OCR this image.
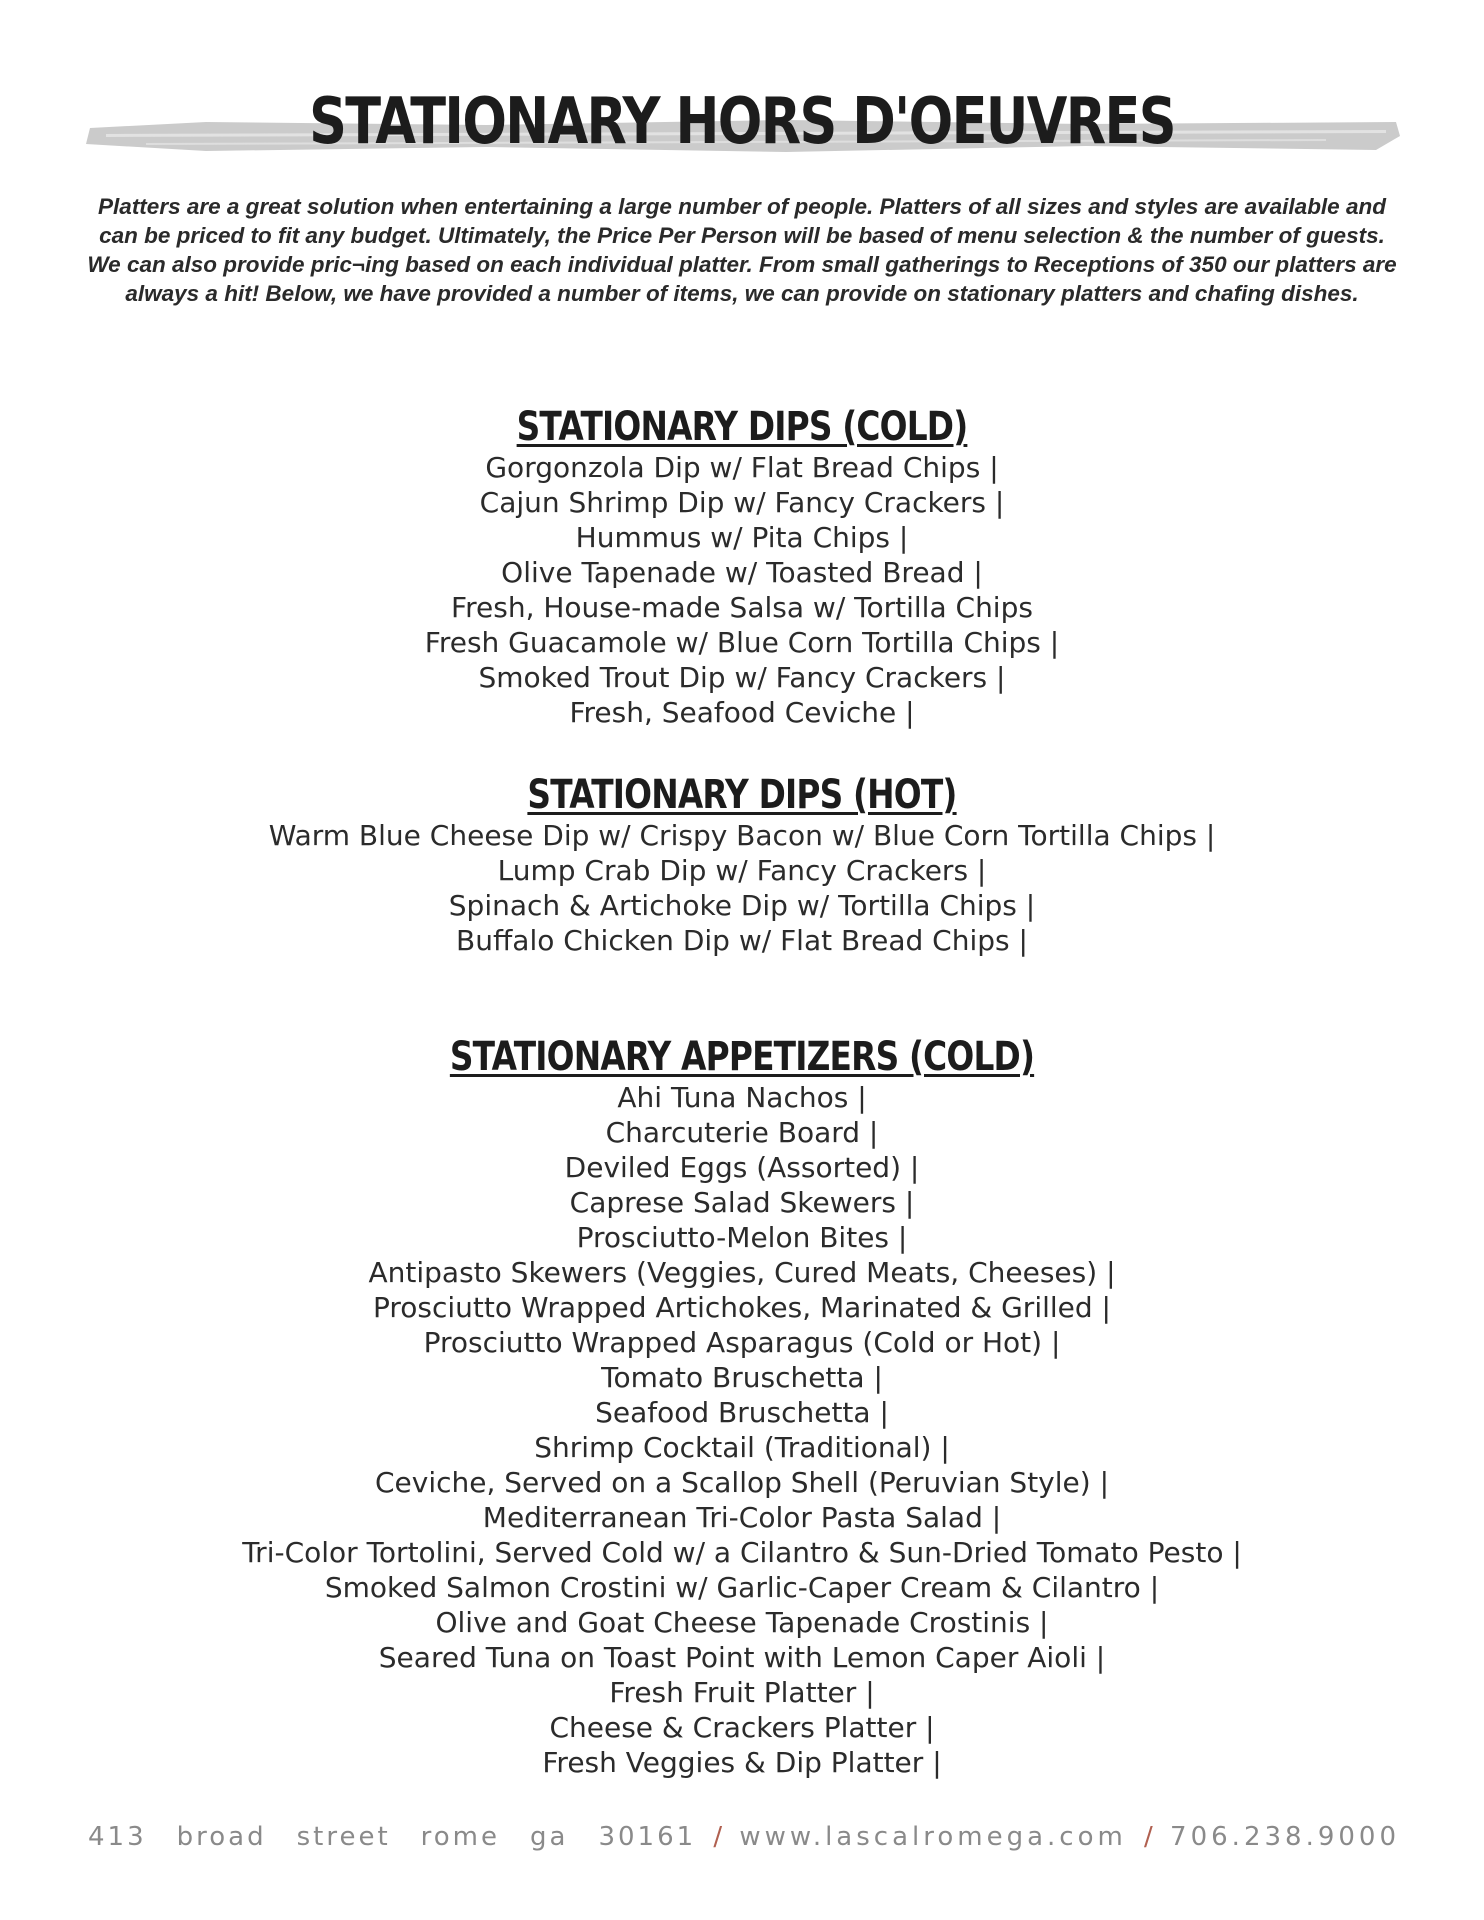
STATIONARY HORS D'OEUVRES
Platters are a great solution when entertaining a large number of people. Platters of all sizes and styles are available and can be priced to fit any budget. Ultimately, the Price Per Person will be based of menu selection & the number of guests. We can also provide pric¬ing based on each individual platter. From small gatherings to Receptions of 350 our platters are always a hit! Below, we have provided a number of items, we can provide on stationary platters and chafing dishes.
STATIONARY DIPS (COLD)
Gorgonzola Dip w/ Flat Bread Chips |
Cajun Shrimp Dip w/ Fancy Crackers |
Hummus w/ Pita Chips |
Olive Tapenade w/ Toasted Bread |
Fresh, House-made Salsa w/ Tortilla Chips
Fresh Guacamole w/ Blue Corn Tortilla Chips |
Smoked Trout Dip w/ Fancy Crackers |
Fresh, Seafood Ceviche |
STATIONARY DIPS (HOT)
Warm Blue Cheese Dip w/ Crispy Bacon w/ Blue Corn Tortilla Chips |
Lump Crab Dip w/ Fancy Crackers |
Spinach & Artichoke Dip w/ Tortilla Chips |
Buffalo Chicken Dip w/ Flat Bread Chips |
STATIONARY APPETIZERS (COLD)
Ahi Tuna Nachos |
Charcuterie Board |
Deviled Eggs (Assorted) |
Caprese Salad Skewers |
Prosciutto-Melon Bites |
Antipasto Skewers (Veggies, Cured Meats, Cheeses) |
Prosciutto Wrapped Artichokes, Marinated & Grilled |
Prosciutto Wrapped Asparagus (Cold or Hot) |
Tomato Bruschetta |
Seafood Bruschetta |
Shrimp Cocktail (Traditional) |
Ceviche, Served on a Scallop Shell (Peruvian Style) |
Mediterranean Tri-Color Pasta Salad |
Tri-Color Tortolini, Served Cold w/ a Cilantro & Sun-Dried Tomato Pesto |
Smoked Salmon Crostini w/ Garlic-Caper Cream & Cilantro |
Olive and Goat Cheese Tapenade Crostinis |
Seared Tuna on Toast Point with Lemon Caper Aioli |
Fresh Fruit Platter |
Cheese & Crackers Platter |
Fresh Veggies & Dip Platter |
413 broad street rome ga 30161 / www.lascalromega.com / 706.238.9000
